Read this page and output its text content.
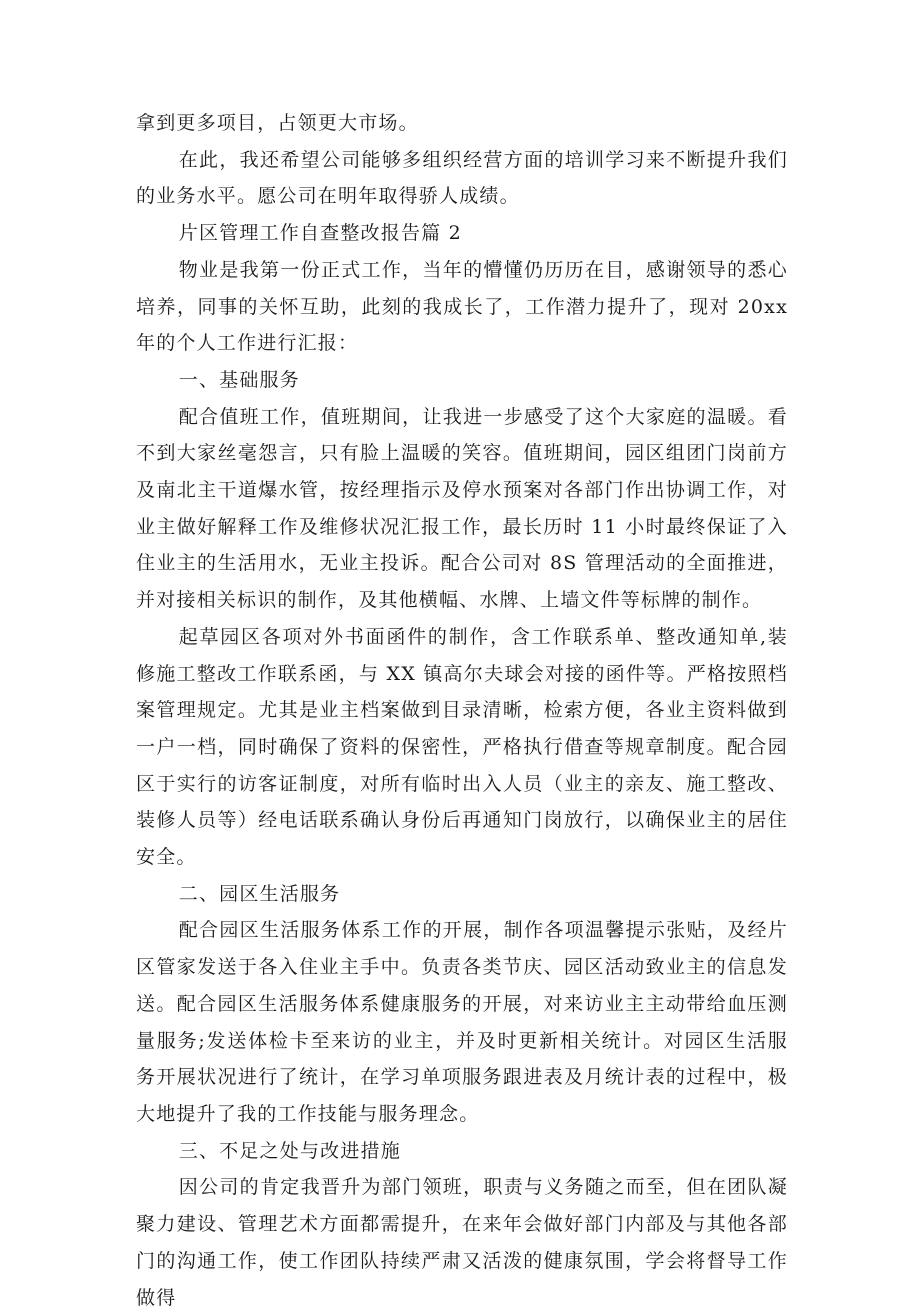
拿到更多项目，占领更大市场。

在此，我还希望公司能够多组织经营方面的培训学习来不断提升我们的业务水平。愿公司在明年取得骄人成绩。

片区管理工作自查整改报告篇 2

物业是我第一份正式工作，当年的懵懂仍历历在目，感谢领导的悉心培养，同事的关怀互助，此刻的我成长了，工作潜力提升了，现对 20xx 年的个人工作进行汇报：

一、基础服务

配合值班工作，值班期间，让我进一步感受了这个大家庭的温暖。看不到大家丝毫怨言，只有脸上温暖的笑容。值班期间，园区组团门岗前方及南北主干道爆水管，按经理指示及停水预案对各部门作出协调工作，对业主做好解释工作及维修状况汇报工作，最长历时 11 小时最终保证了入住业主的生活用水，无业主投诉。配合公司对 8S 管理活动的全面推进，并对接相关标识的制作，及其他横幅、水牌、上墙文件等标牌的制作。

起草园区各项对外书面函件的制作，含工作联系单、整改通知单,装修施工整改工作联系函，与 XX 镇高尔夫球会对接的函件等。严格按照档案管理规定。尤其是业主档案做到目录清晰，检索方便，各业主资料做到一户一档，同时确保了资料的保密性，严格执行借查等规章制度。配合园区于实行的访客证制度，对所有临时出入人员（业主的亲友、施工整改、装修人员等）经电话联系确认身份后再通知门岗放行，以确保业主的居住安全。

二、园区生活服务

配合园区生活服务体系工作的开展，制作各项温馨提示张贴，及经片区管家发送于各入住业主手中。负责各类节庆、园区活动致业主的信息发送。配合园区生活服务体系健康服务的开展，对来访业主主动带给血压测量服务;发送体检卡至来访的业主，并及时更新相关统计。对园区生活服务开展状况进行了统计，在学习单项服务跟进表及月统计表的过程中，极大地提升了我的工作技能与服务理念。

三、不足之处与改进措施

因公司的肯定我晋升为部门领班，职责与义务随之而至，但在团队凝聚力建设、管理艺术方面都需提升，在来年会做好部门内部及与其他各部门的沟通工作，使工作团队持续严肃又活泼的健康氛围，学会将督导工作做得
